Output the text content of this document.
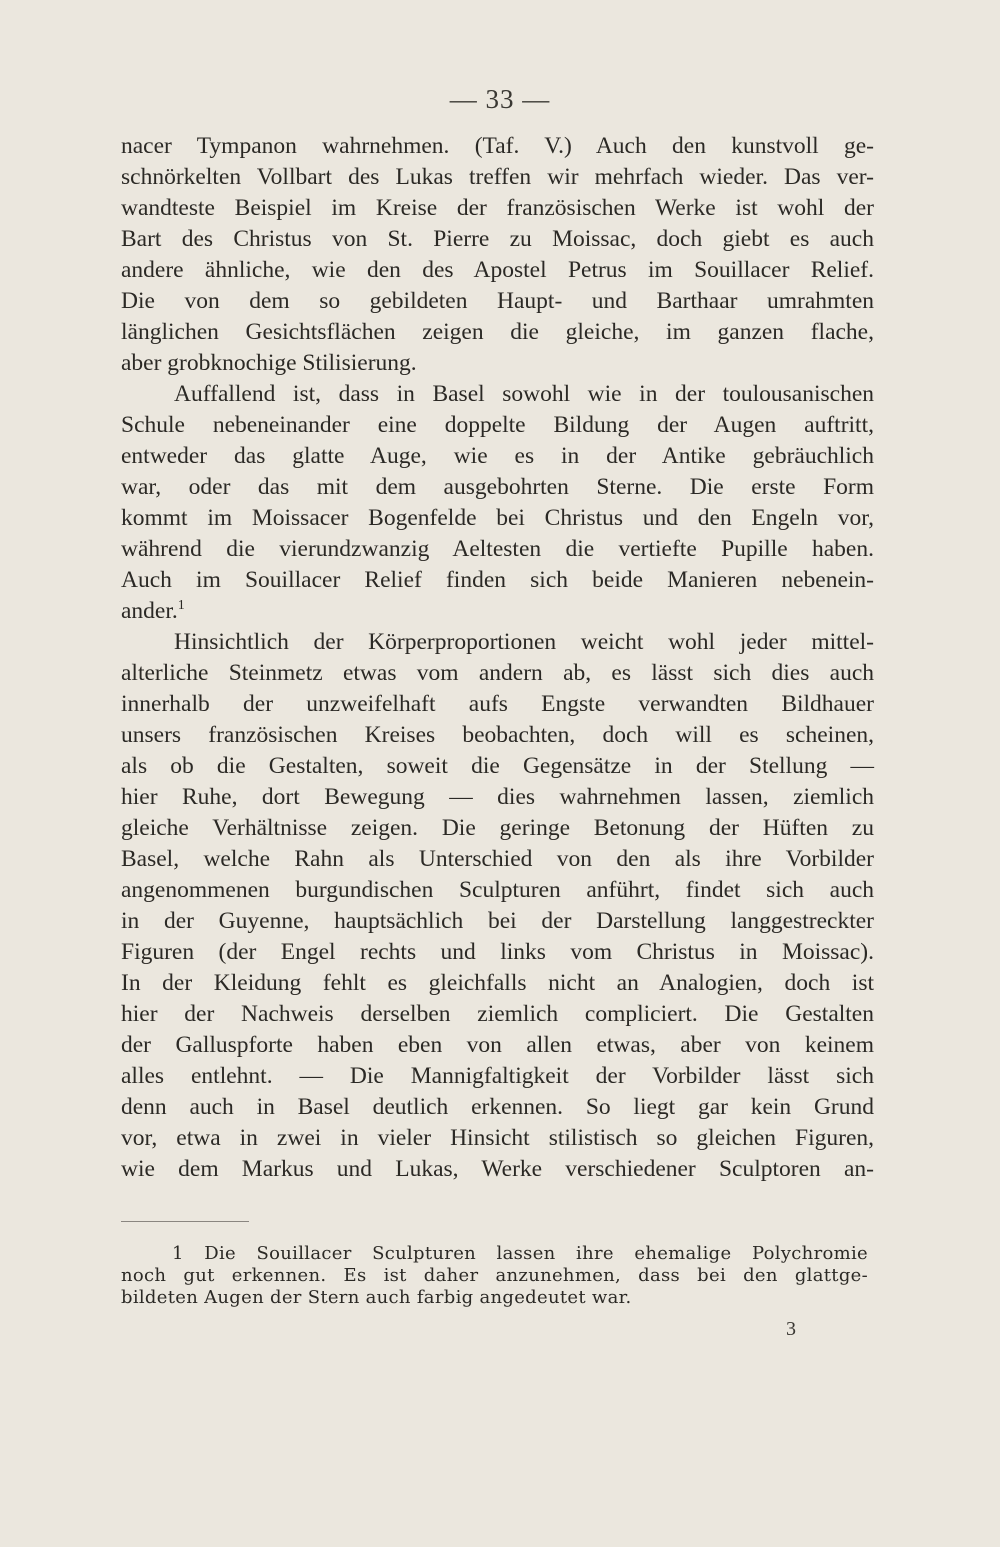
— 33 —
nacer Tympanon wahrnehmen. (Taf. V.) Auch den kunstvoll ge-
schnörkelten Vollbart des Lukas treffen wir mehrfach wieder. Das ver-
wandteste Beispiel im Kreise der französischen Werke ist wohl der
Bart des Christus von St. Pierre zu Moissac, doch giebt es auch
andere ähnliche, wie den des Apostel Petrus im Souillacer Relief.
Die von dem so gebildeten Haupt- und Barthaar umrahmten
länglichen Gesichtsflächen zeigen die gleiche, im ganzen flache,
aber grobknochige Stilisierung.
Auffallend ist, dass in Basel sowohl wie in der toulousanischen
Schule nebeneinander eine doppelte Bildung der Augen auftritt,
entweder das glatte Auge, wie es in der Antike gebräuchlich
war, oder das mit dem ausgebohrten Sterne. Die erste Form
kommt im Moissacer Bogenfelde bei Christus und den Engeln vor,
während die vierundzwanzig Aeltesten die vertiefte Pupille haben.
Auch im Souillacer Relief finden sich beide Manieren nebenein-
ander.$^1$
Hinsichtlich der Körperproportionen weicht wohl jeder mittel-
alterliche Steinmetz etwas vom andern ab, es lässt sich dies auch
innerhalb der unzweifelhaft aufs Engste verwandten Bildhauer
unsers französischen Kreises beobachten, doch will es scheinen,
als ob die Gestalten, soweit die Gegensätze in der Stellung —
hier Ruhe, dort Bewegung — dies wahrnehmen lassen, ziemlich
gleiche Verhältnisse zeigen. Die geringe Betonung der Hüften zu
Basel, welche Rahn als Unterschied von den als ihre Vorbilder
angenommenen burgundischen Sculpturen anführt, findet sich auch
in der Guyenne, hauptsächlich bei der Darstellung langgestreckter
Figuren (der Engel rechts und links vom Christus in Moissac).
In der Kleidung fehlt es gleichfalls nicht an Analogien, doch ist
hier der Nachweis derselben ziemlich compliciert. Die Gestalten
der Galluspforte haben eben von allen etwas, aber von keinem
alles entlehnt. — Die Mannigfaltigkeit der Vorbilder lässt sich
denn auch in Basel deutlich erkennen. So liegt gar kein Grund
vor, etwa in zwei in vieler Hinsicht stilistisch so gleichen Figuren,
wie dem Markus und Lukas, Werke verschiedener Sculptoren an-
1 Die Souillacer Sculpturen lassen ihre ehemalige Polychromie
noch gut erkennen. Es ist daher anzunehmen, dass bei den glattge-
bildeten Augen der Stern auch farbig angedeutet war.
3
